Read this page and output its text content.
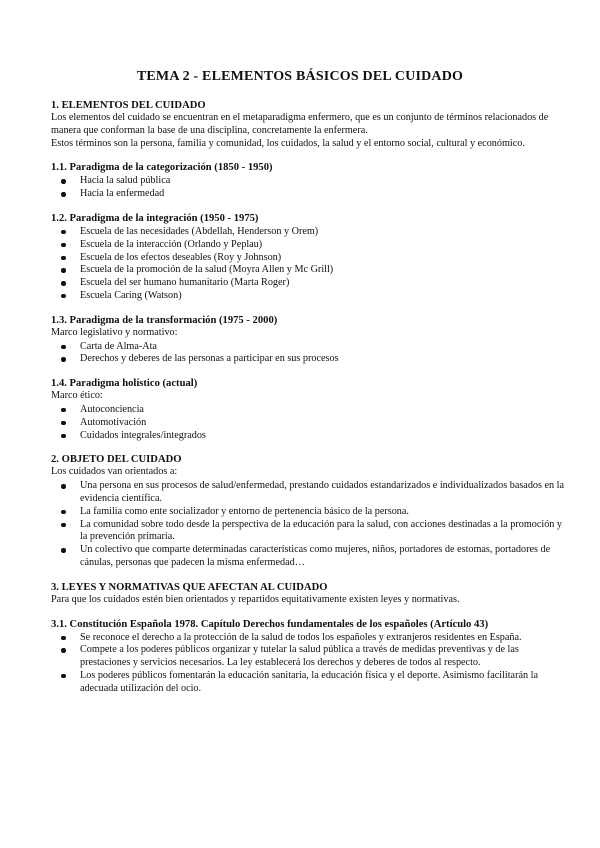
TEMA 2 - ELEMENTOS BÁSICOS DEL CUIDADO
1. ELEMENTOS DEL CUIDADO

Los elementos del cuidado se encuentran en el metaparadigma enfermero, que es un conjunto de términos relacionados de manera que conforman la base de una disciplina, concretamente la enfermera.

Estos términos son la persona, familia y comunidad, los cuidados, la salud y el entorno social, cultural y económico.

1.1. Paradigma de la categorización (1850 - 1950)
Hacia la salud pública
Hacia la enfermedad
1.2. Paradigma de la integración (1950 - 1975)
Escuela de las necesidades (Abdellah, Henderson y Orem)
Escuela de la interacción (Orlando y Peplau)
Escuela de los efectos deseables (Roy y Johnson)
Escuela de la promoción de la salud (Moyra Allen y Mc Grill)
Escuela del ser humano humanitario (Marta Roger)
Escuela Caring (Watson)
1.3. Paradigma de la transformación (1975 - 2000)

Marco legislativo y normativo:

Carta de Alma-Ata
Derechos y deberes de las personas a participar en sus procesos
1.4. Paradigma holístico (actual)

Marco ético:

Autoconciencia
Automotivación
Cuidados integrales/integrados
2. OBJETO DEL CUIDADO

Los cuidados van orientados a:

Una persona en sus procesos de salud/enfermedad, prestando cuidados estandarizados e individualizados basados en la evidencia científica.
La familia como ente socializador y entorno de pertenencia básico de la persona.
La comunidad sobre todo desde la perspectiva de la educación para la salud, con acciones destinadas a la promoción y la prevención primaria.
Un colectivo que comparte determinadas características como mujeres, niños, portadores de estomas, portadores de cánulas, personas que padecen la misma enfermedad…
3. LEYES Y NORMATIVAS QUE AFECTAN AL CUIDADO

Para que los cuidados estén bien orientados y repartidos equitativamente existen leyes y normativas.

3.1. Constitución Española 1978. Capítulo Derechos fundamentales de los españoles (Artículo 43)
Se reconoce el derecho a la protección de la salud de todos los españoles y extranjeros residentes en España.
Compete a los poderes públicos organizar y tutelar la salud pública a través de medidas preventivas y de las prestaciones y servicios necesarios. La ley establecerá los derechos y deberes de todos al respecto.
Los poderes públicos fomentarán la educación sanitaria, la educación física y el deporte. Asimismo facilitarán la adecuada utilización del ocio.
